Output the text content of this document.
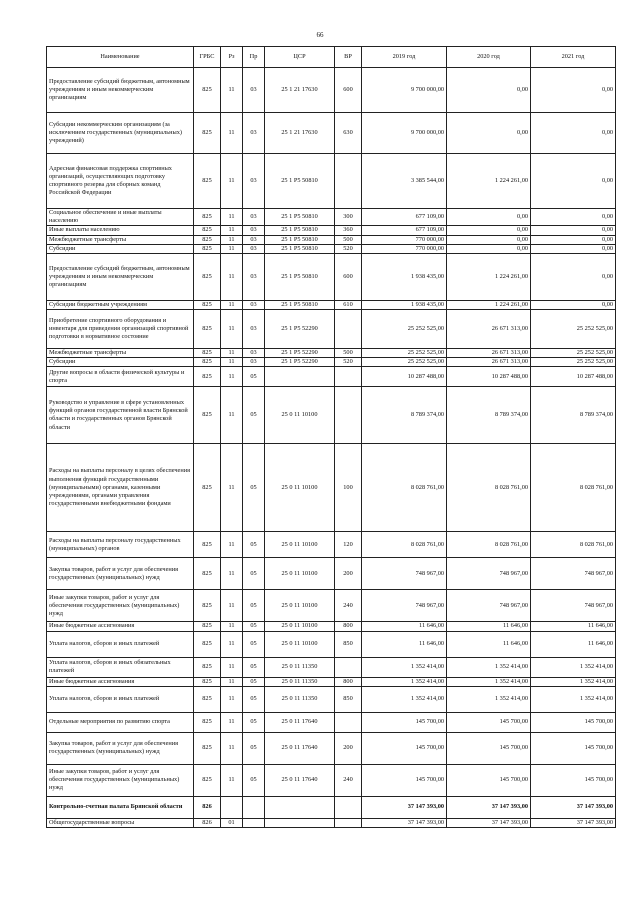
66
Наименование	ГРБС	Рз	Пр	ЦСР	ВР	2019 год	2020 год	2021 год
Предоставление субсидий бюджетным, автономным учреждениям и иным некоммерческим организациям	825	11	03	25 1 21 17630	600	9 700 000,00	0,00	0,00
Субсидии некоммерческим организациям (за исключением государственных (муниципальных) учреждений)	825	11	03	25 1 21 17630	630	9 700 000,00	0,00	0,00
Адресная финансовая поддержка спортивных организаций, осуществляющих подготовку спортивного резерва для сборных команд Российской Федерации	825	11	03	25 1 P5 50810		3 385 544,00	1 224 261,00	0,00
Социальное обеспечение и иные выплаты населению	825	11	03	25 1 P5 50810	300	677 109,00	0,00	0,00
Иные выплаты населению	825	11	03	25 1 P5 50810	360	677 109,00	0,00	0,00
Межбюджетные трансферты	825	11	03	25 1 P5 50810	500	770 000,00	0,00	0,00
Субсидии	825	11	03	25 1 P5 50810	520	770 000,00	0,00	0,00
Предоставление субсидий бюджетным, автономным учреждениям и иным некоммерческим организациям	825	11	03	25 1 P5 50810	600	1 938 435,00	1 224 261,00	0,00
Субсидии бюджетным учреждениям	825	11	03	25 1 P5 50810	610	1 938 435,00	1 224 261,00	0,00
Приобретение спортивного оборудования и инвентаря для приведения организаций спортивной подготовки в нормативное состояние	825	11	03	25 1 P5 52290		25 252 525,00	26 671 313,00	25 252 525,00
Межбюджетные трансферты	825	11	03	25 1 P5 52290	500	25 252 525,00	26 671 313,00	25 252 525,00
Субсидии	825	11	03	25 1 P5 52290	520	25 252 525,00	26 671 313,00	25 252 525,00
Другие вопросы в области физической культуры и спорта	825	11	05			10 287 488,00	10 287 488,00	10 287 488,00
Руководство и управление в сфере установленных функций органов государственной власти Брянской области и государственных органов Брянской области	825	11	05	25 0 11 10100		8 789 374,00	8 789 374,00	8 789 374,00
Расходы на выплаты персоналу в целях обеспечения выполнения функций государственными (муниципальными) органами, казенными учреждениями, органами управления государственными внебюджетными фондами	825	11	05	25 0 11 10100	100	8 028 761,00	8 028 761,00	8 028 761,00
Расходы на выплаты персоналу государственных (муниципальных) органов	825	11	05	25 0 11 10100	120	8 028 761,00	8 028 761,00	8 028 761,00
Закупка товаров, работ и услуг для обеспечения государственных (муниципальных) нужд	825	11	05	25 0 11 10100	200	748 967,00	748 967,00	748 967,00
Иные закупки товаров, работ и услуг для обеспечения государственных (муниципальных) нужд	825	11	05	25 0 11 10100	240	748 967,00	748 967,00	748 967,00
Иные бюджетные ассигнования	825	11	05	25 0 11 10100	800	11 646,00	11 646,00	11 646,00
Уплата налогов, сборов и иных платежей	825	11	05	25 0 11 10100	850	11 646,00	11 646,00	11 646,00
Уплата налогов, сборов и иных обязательных платежей	825	11	05	25 0 11 11350		1 352 414,00	1 352 414,00	1 352 414,00
Иные бюджетные ассигнования	825	11	05	25 0 11 11350	800	1 352 414,00	1 352 414,00	1 352 414,00
Уплата налогов, сборов и иных платежей	825	11	05	25 0 11 11350	850	1 352 414,00	1 352 414,00	1 352 414,00
Отдельные мероприятия по развитию спорта	825	11	05	25 0 11 17640		145 700,00	145 700,00	145 700,00
Закупка товаров, работ и услуг для обеспечения государственных (муниципальных) нужд	825	11	05	25 0 11 17640	200	145 700,00	145 700,00	145 700,00
Иные закупки товаров, работ и услуг для обеспечения государственных (муниципальных) нужд	825	11	05	25 0 11 17640	240	145 700,00	145 700,00	145 700,00
Контрольно-счетная палата Брянской области	826					37 147 393,00	37 147 393,00	37 147 393,00
Общегосударственные вопросы	826	01				37 147 393,00	37 147 393,00	37 147 393,00
